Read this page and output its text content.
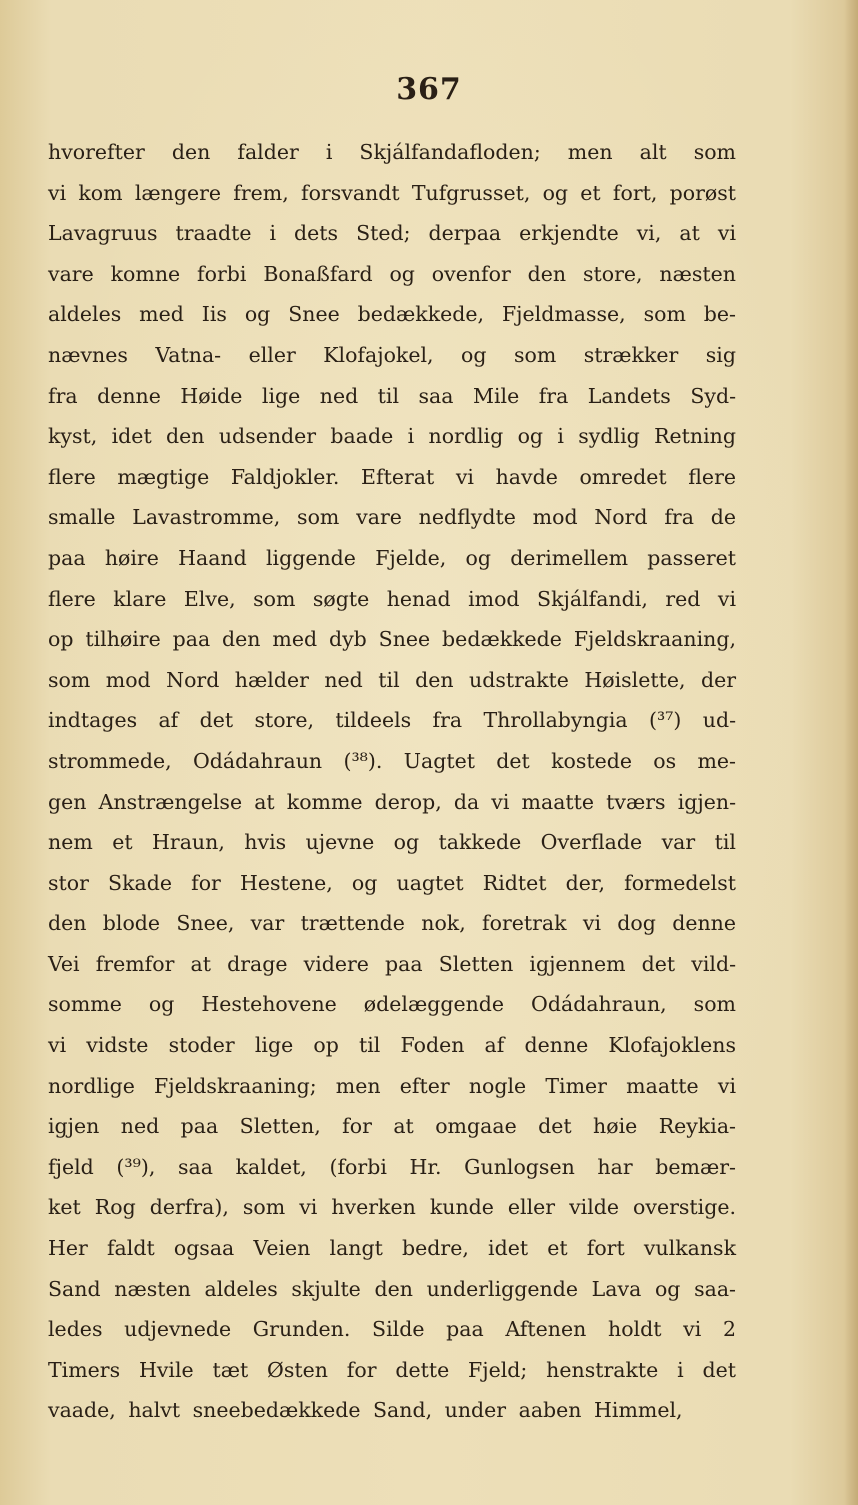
367
hvorefter den falder i Skjálfandafloden; men alt som
vi kom længere frem, forsvandt Tufgrusset, og et fort, porøst
Lavagruus traadte i dets Sted; derpaa erkjendte vi, at vi
vare komne forbi Bonaßfard og ovenfor den store, næsten
aldeles med Iis og Snee bedækkede, Fjeldmasse, som be-
nævnes Vatna- eller Klofajokel, og som strækker sig
fra denne Høide lige ned til saa Mile fra Landets Syd-
kyst, idet den udsender baade i nordlig og i sydlig Retning
flere mægtige Faldjokler. Efterat vi havde omredet flere
smalle Lavastromme, som vare nedflydte mod Nord fra de
paa høire Haand liggende Fjelde, og derimellem passeret
flere klare Elve, som søgte henad imod Skjálfandi, red vi
op tilhøire paa den med dyb Snee bedækkede Fjeldskraaning,
som mod Nord hælder ned til den udstrakte Høislette, der
indtages af det store, tildeels fra Throllabyngia (³⁷) ud-
strommede, Odádahraun (³⁸). Uagtet det kostede os me-
gen Anstrængelse at komme derop, da vi maatte tværs igjen-
nem et Hraun, hvis ujevne og takkede Overflade var til
stor Skade for Hestene, og uagtet Ridtet der, formedelst
den blode Snee, var trættende nok, foretrak vi dog denne
Vei fremfor at drage videre paa Sletten igjennem det vild-
somme og Hestehovene ødelæggende Odádahraun, som
vi vidste stoder lige op til Foden af denne Klofajoklens
nordlige Fjeldskraaning; men efter nogle Timer maatte vi
igjen ned paa Sletten, for at omgaae det høie Reykia-
fjeld (³⁹), saa kaldet, (forbi Hr. Gunlogsen har bemær-
ket Rog derfra), som vi hverken kunde eller vilde overstige.
Her faldt ogsaa Veien langt bedre, idet et fort vulkansk
Sand næsten aldeles skjulte den underliggende Lava og saa-
ledes udjevnede Grunden. Silde paa Aftenen holdt vi 2
Timers Hvile tæt Østen for dette Fjeld; henstrakte i det
vaade, halvt sneebedækkede Sand, under aaben Himmel,
